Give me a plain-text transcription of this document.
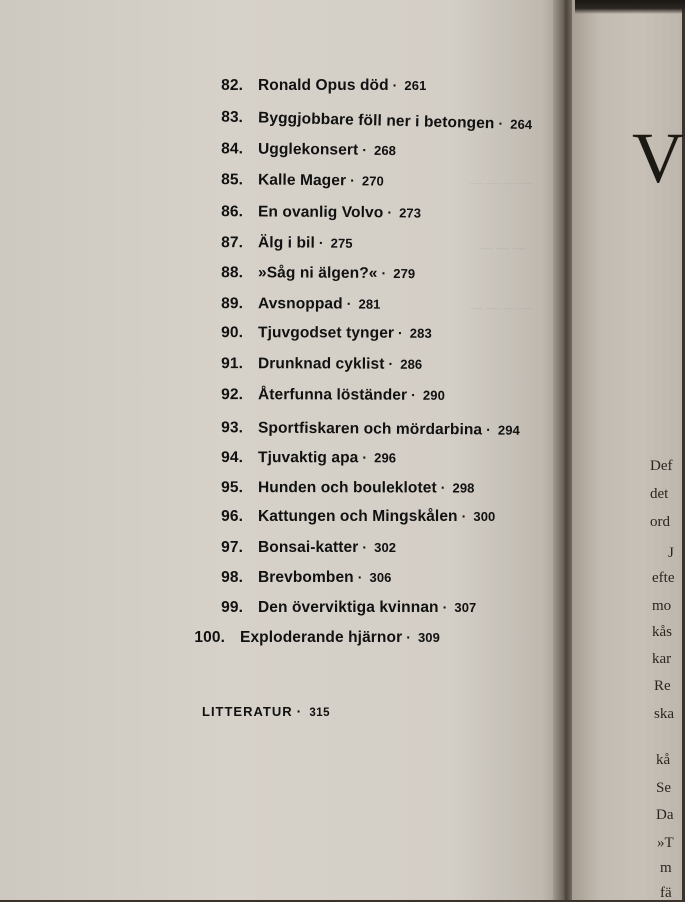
— — — —
— — —
— — — —
82. Ronald Opus död · 261
83. Byggjobbare föll ner i betongen · 264
84. Ugglekonsert · 268
85. Kalle Mager · 270
86. En ovanlig Volvo · 273
87. Älg i bil · 275
88. »Såg ni älgen?« · 279
89. Avsnoppad · 281
90. Tjuvgodset tynger · 283
91. Drunknad cyklist · 286
92. Återfunna löständer · 290
93. Sportfiskaren och mördarbina · 294
94. Tjuvaktig apa · 296
95. Hunden och bouleklotet · 298
96. Kattungen och Mingskålen · 300
97. Bonsai-katter · 302
98. Brevbomben · 306
99. Den överviktiga kvinnan · 307
100. Exploderande hjärnor · 309
LITTERATUR · 315
V
Def
det
ord
J
efte
mo
kås
kar
Re
ska
kå
Se
Da
»T
m
fä
